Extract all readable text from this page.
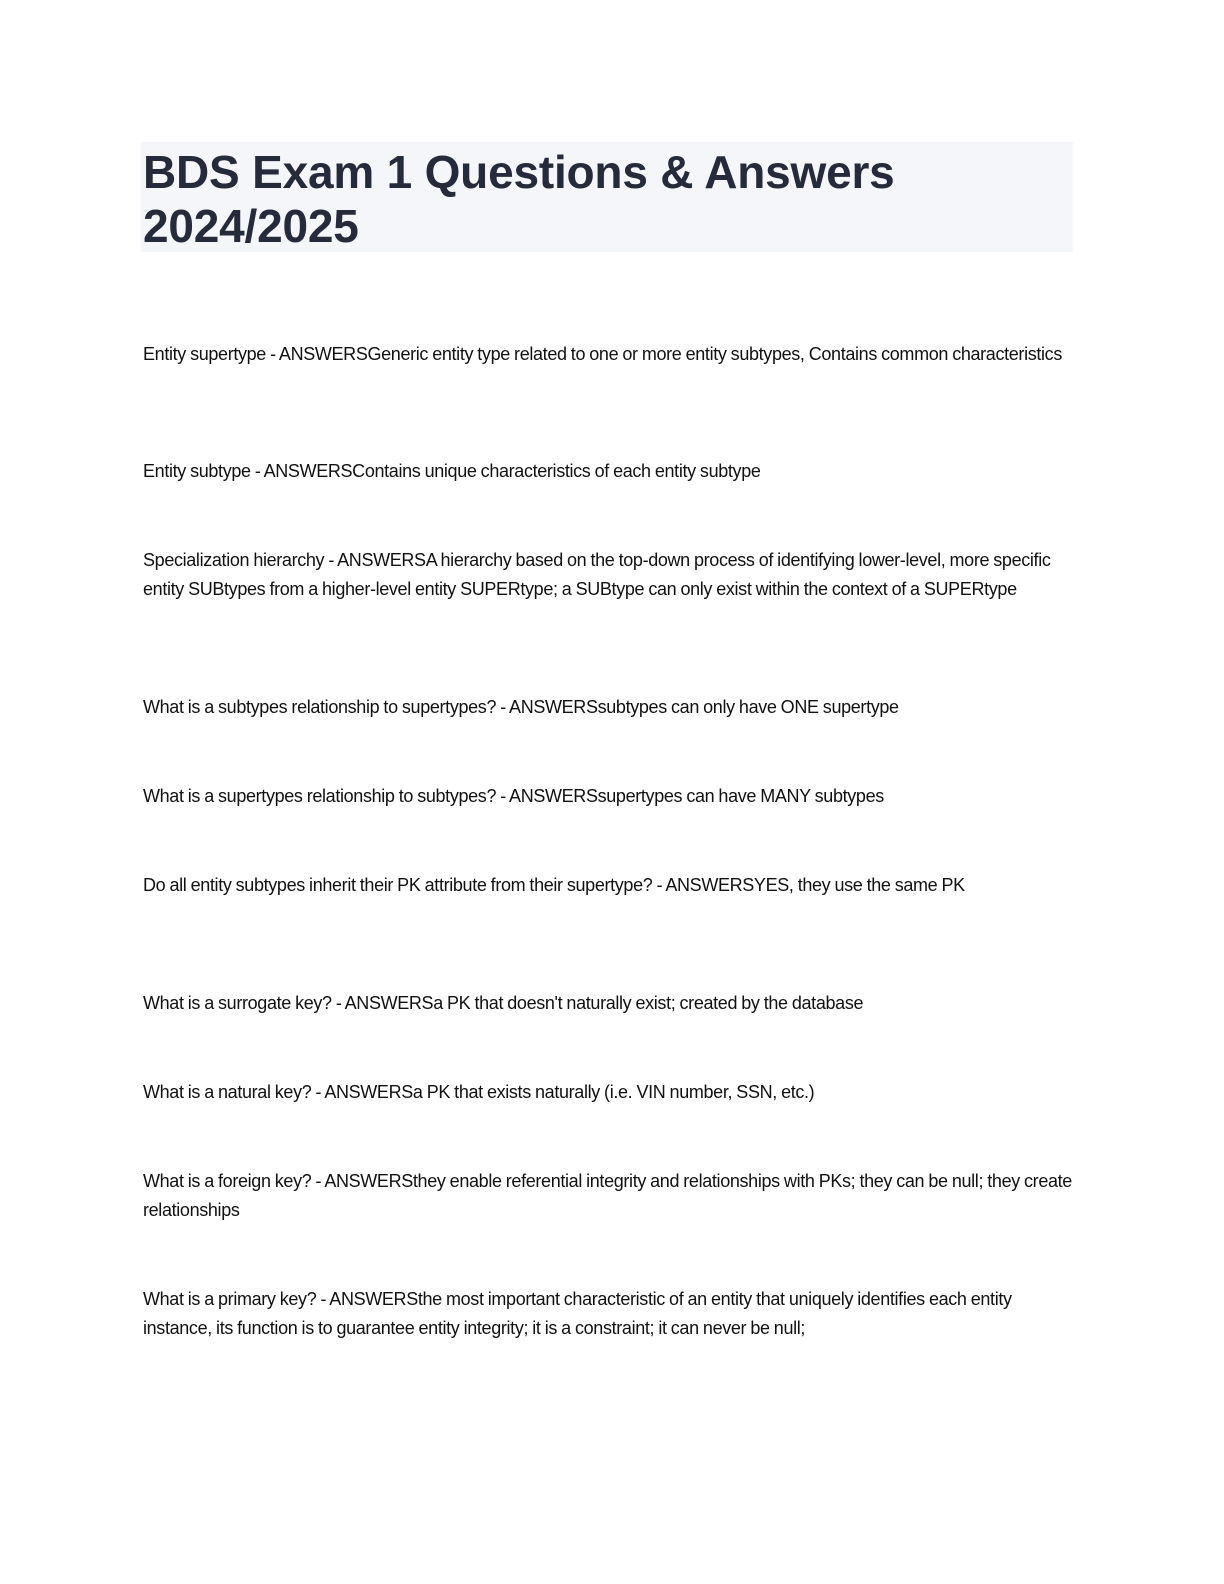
BDS Exam 1 Questions & Answers
2024/2025

Entity supertype - ANSWERSGeneric entity type related to one or more entity subtypes, Contains common characteristics

Entity subtype - ANSWERSContains unique characteristics of each entity subtype

Specialization hierarchy - ANSWERSA hierarchy based on the top-down process of identifying lower-level, more specific entity SUBtypes from a higher-level entity SUPERtype; a SUBtype can only exist within the context of a SUPERtype

What is a subtypes relationship to supertypes? - ANSWERSsubtypes can only have ONE supertype

What is a supertypes relationship to subtypes? - ANSWERSsupertypes can have MANY subtypes

Do all entity subtypes inherit their PK attribute from their supertype? - ANSWERSYES, they use the same PK

What is a surrogate key? - ANSWERSa PK that doesn't naturally exist; created by the database

What is a natural key? - ANSWERSa PK that exists naturally (i.e. VIN number, SSN, etc.)

What is a foreign key? - ANSWERSthey enable referential integrity and relationships with PKs; they can be null; they create relationships

What is a primary key? - ANSWERSthe most important characteristic of an entity that uniquely identifies each entity instance, its function is to guarantee entity integrity; it is a constraint; it can never be null;
